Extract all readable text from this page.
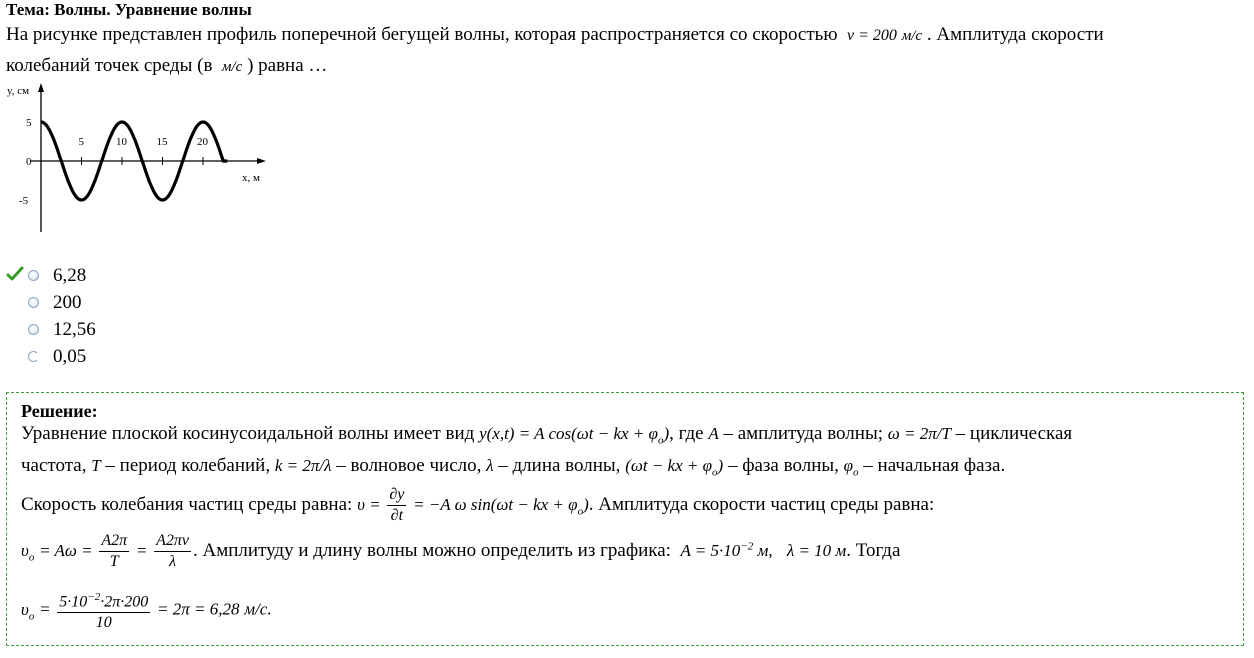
Тема: Волны. Уравнение волны
На рисунке представлен профиль поперечной бегущей волны, которая распространяется со скоростью v = 200 м/с . Амплитуда скорости
колебаний точек среды (в м/с ) равна …
y, см
x, м
5
0
-5
5	10	15	20
6,28
200
12,56
0,05
Решение:
Уравнение плоской косинусоидальной волны имеет вид y(x,t) = A cos(ωt − kx + $\varphi_o$), где A – амплитуда волны; ω = 2π/T – циклическая
частота, T – период колебаний, k = 2π/λ – волновое число, λ – длина волны, (ωt − kx + $\varphi_o$) – фаза волны, $\varphi_o$ – начальная фаза.
Скорость колебания частиц среды равна: $\upsilon = \frac{\partial y}{\partial t} = -A$ ω sin(ωt − kx + $\varphi_o$). Амплитуда скорости частиц среды равна:
$\upsilon_o = A\omega = \frac{A2\pi}{T} = \frac{A2\pi v}{\lambda}$ . Амплитуду и длину волны можно определить из графика: $A = 5\cdot 10^{-2}$ м, λ = 10 м. Тогда
$\upsilon_o = \frac{5\cdot 10^{-2}\cdot 2\pi\cdot 200}{10} = 2\pi = 6,28$ м/с.
